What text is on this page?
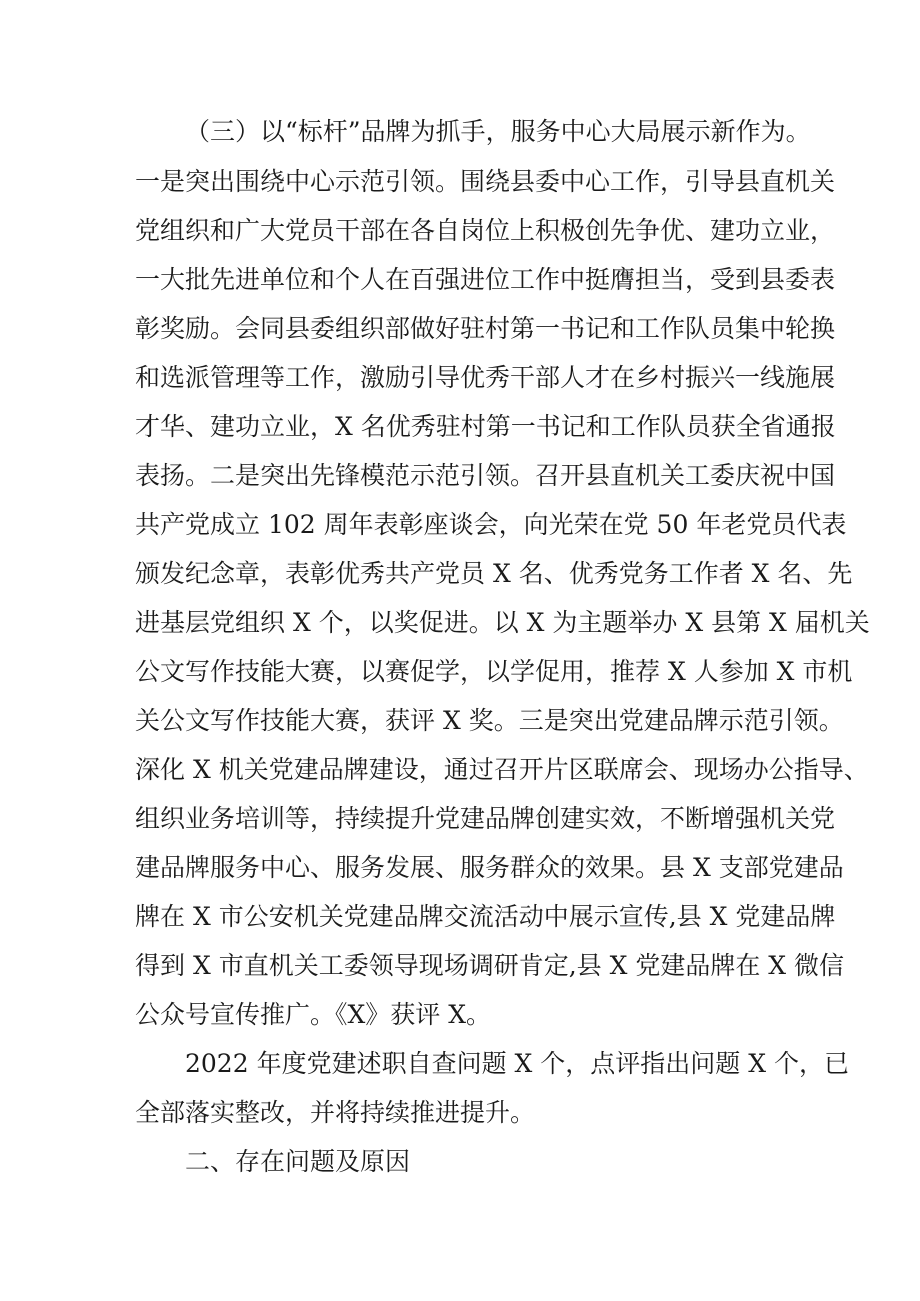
（三）以“标杆”品牌为抓手，服务中心大局展示新作为。
一是突出围绕中心示范引领。围绕县委中心工作，引导县直机关
党组织和广大党员干部在各自岗位上积极创先争优、建功立业，
一大批先进单位和个人在百强进位工作中挺膺担当，受到县委表
彰奖励。会同县委组织部做好驻村第一书记和工作队员集中轮换
和选派管理等工作，激励引导优秀干部人才在乡村振兴一线施展
才华、建功立业，X 名优秀驻村第一书记和工作队员获全省通报
表扬。二是突出先锋模范示范引领。召开县直机关工委庆祝中国
共产党成立 102 周年表彰座谈会，向光荣在党 50 年老党员代表
颁发纪念章，表彰优秀共产党员 X 名、优秀党务工作者 X 名、先
进基层党组织 X 个，以奖促进。以 X 为主题举办 X 县第 X 届机关
公文写作技能大赛，以赛促学，以学促用，推荐 X 人参加 X 市机
关公文写作技能大赛，获评 X 奖。三是突出党建品牌示范引领。
深化 X 机关党建品牌建设，通过召开片区联席会、现场办公指导、
组织业务培训等，持续提升党建品牌创建实效，不断增强机关党
建品牌服务中心、服务发展、服务群众的效果。县 X 支部党建品
牌在 X 市公安机关党建品牌交流活动中展示宣传,县 X 党建品牌
得到 X 市直机关工委领导现场调研肯定,县 X 党建品牌在 X 微信
公众号宣传推广。《X》获评 X。
2022 年度党建述职自查问题 X 个，点评指出问题 X 个，已
全部落实整改，并将持续推进提升。
二、存在问题及原因
